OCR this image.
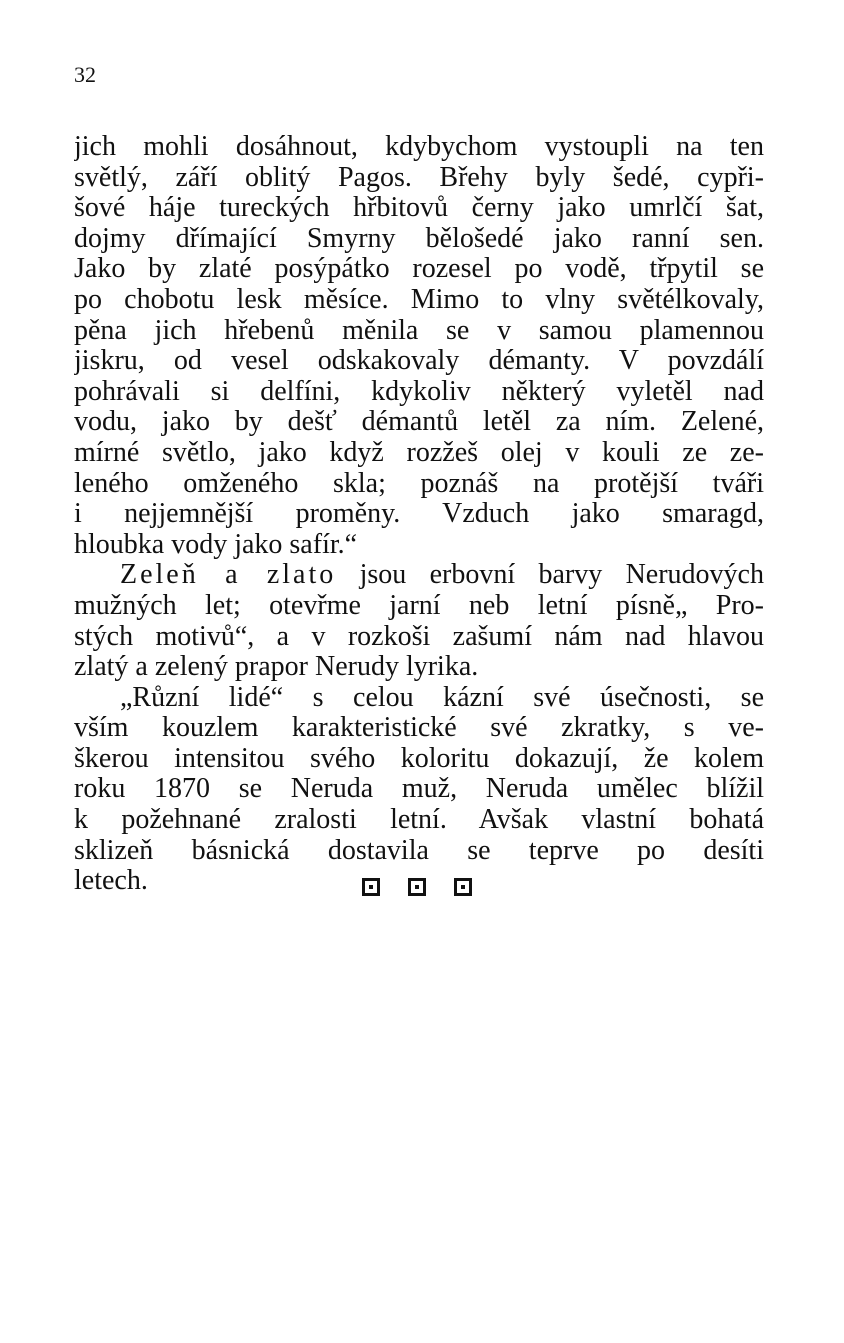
32
jich mohli dosáhnout, kdybychom vystoupli na ten
světlý, září oblitý Pagos. Břehy byly šedé, cypři-
šové háje tureckých hřbitovů černy jako umrlčí šat,
dojmy dřímající Smyrny bělošedé jako ranní sen.
Jako by zlaté posýpátko rozesel po vodě, třpytil se
po chobotu lesk měsíce. Mimo to vlny světélkovaly,
pěna jich hřebenů měnila se v samou plamennou
jiskru, od vesel odskakovaly démanty. V povzdálí
pohrávali si delfíni, kdykoliv některý vyletěl nad
vodu, jako by dešť démantů letěl za ním. Zelené,
mírné světlo, jako když rozžeš olej v kouli ze ze-
leného omženého skla; poznáš na protější tváři
i nejjemnější proměny. Vzduch jako smaragd,
hloubka vody jako safír.“
Zeleň a zlato jsou erbovní barvy Nerudových
mužných let; otevřme jarní neb letní písně„ Pro-
stých motivů“, a v rozkoši zašumí nám nad hlavou
zlatý a zelený prapor Nerudy lyrika.
„Různí lidé“ s celou kázní své úsečnosti, se
vším kouzlem karakteristické své zkratky, s ve-
škerou intensitou svého koloritu dokazují, že kolem
roku 1870 se Neruda muž, Neruda umělec blížil
k požehnané zralosti letní. Avšak vlastní bohatá
sklizeň básnická dostavila se teprve po desíti
letech.
